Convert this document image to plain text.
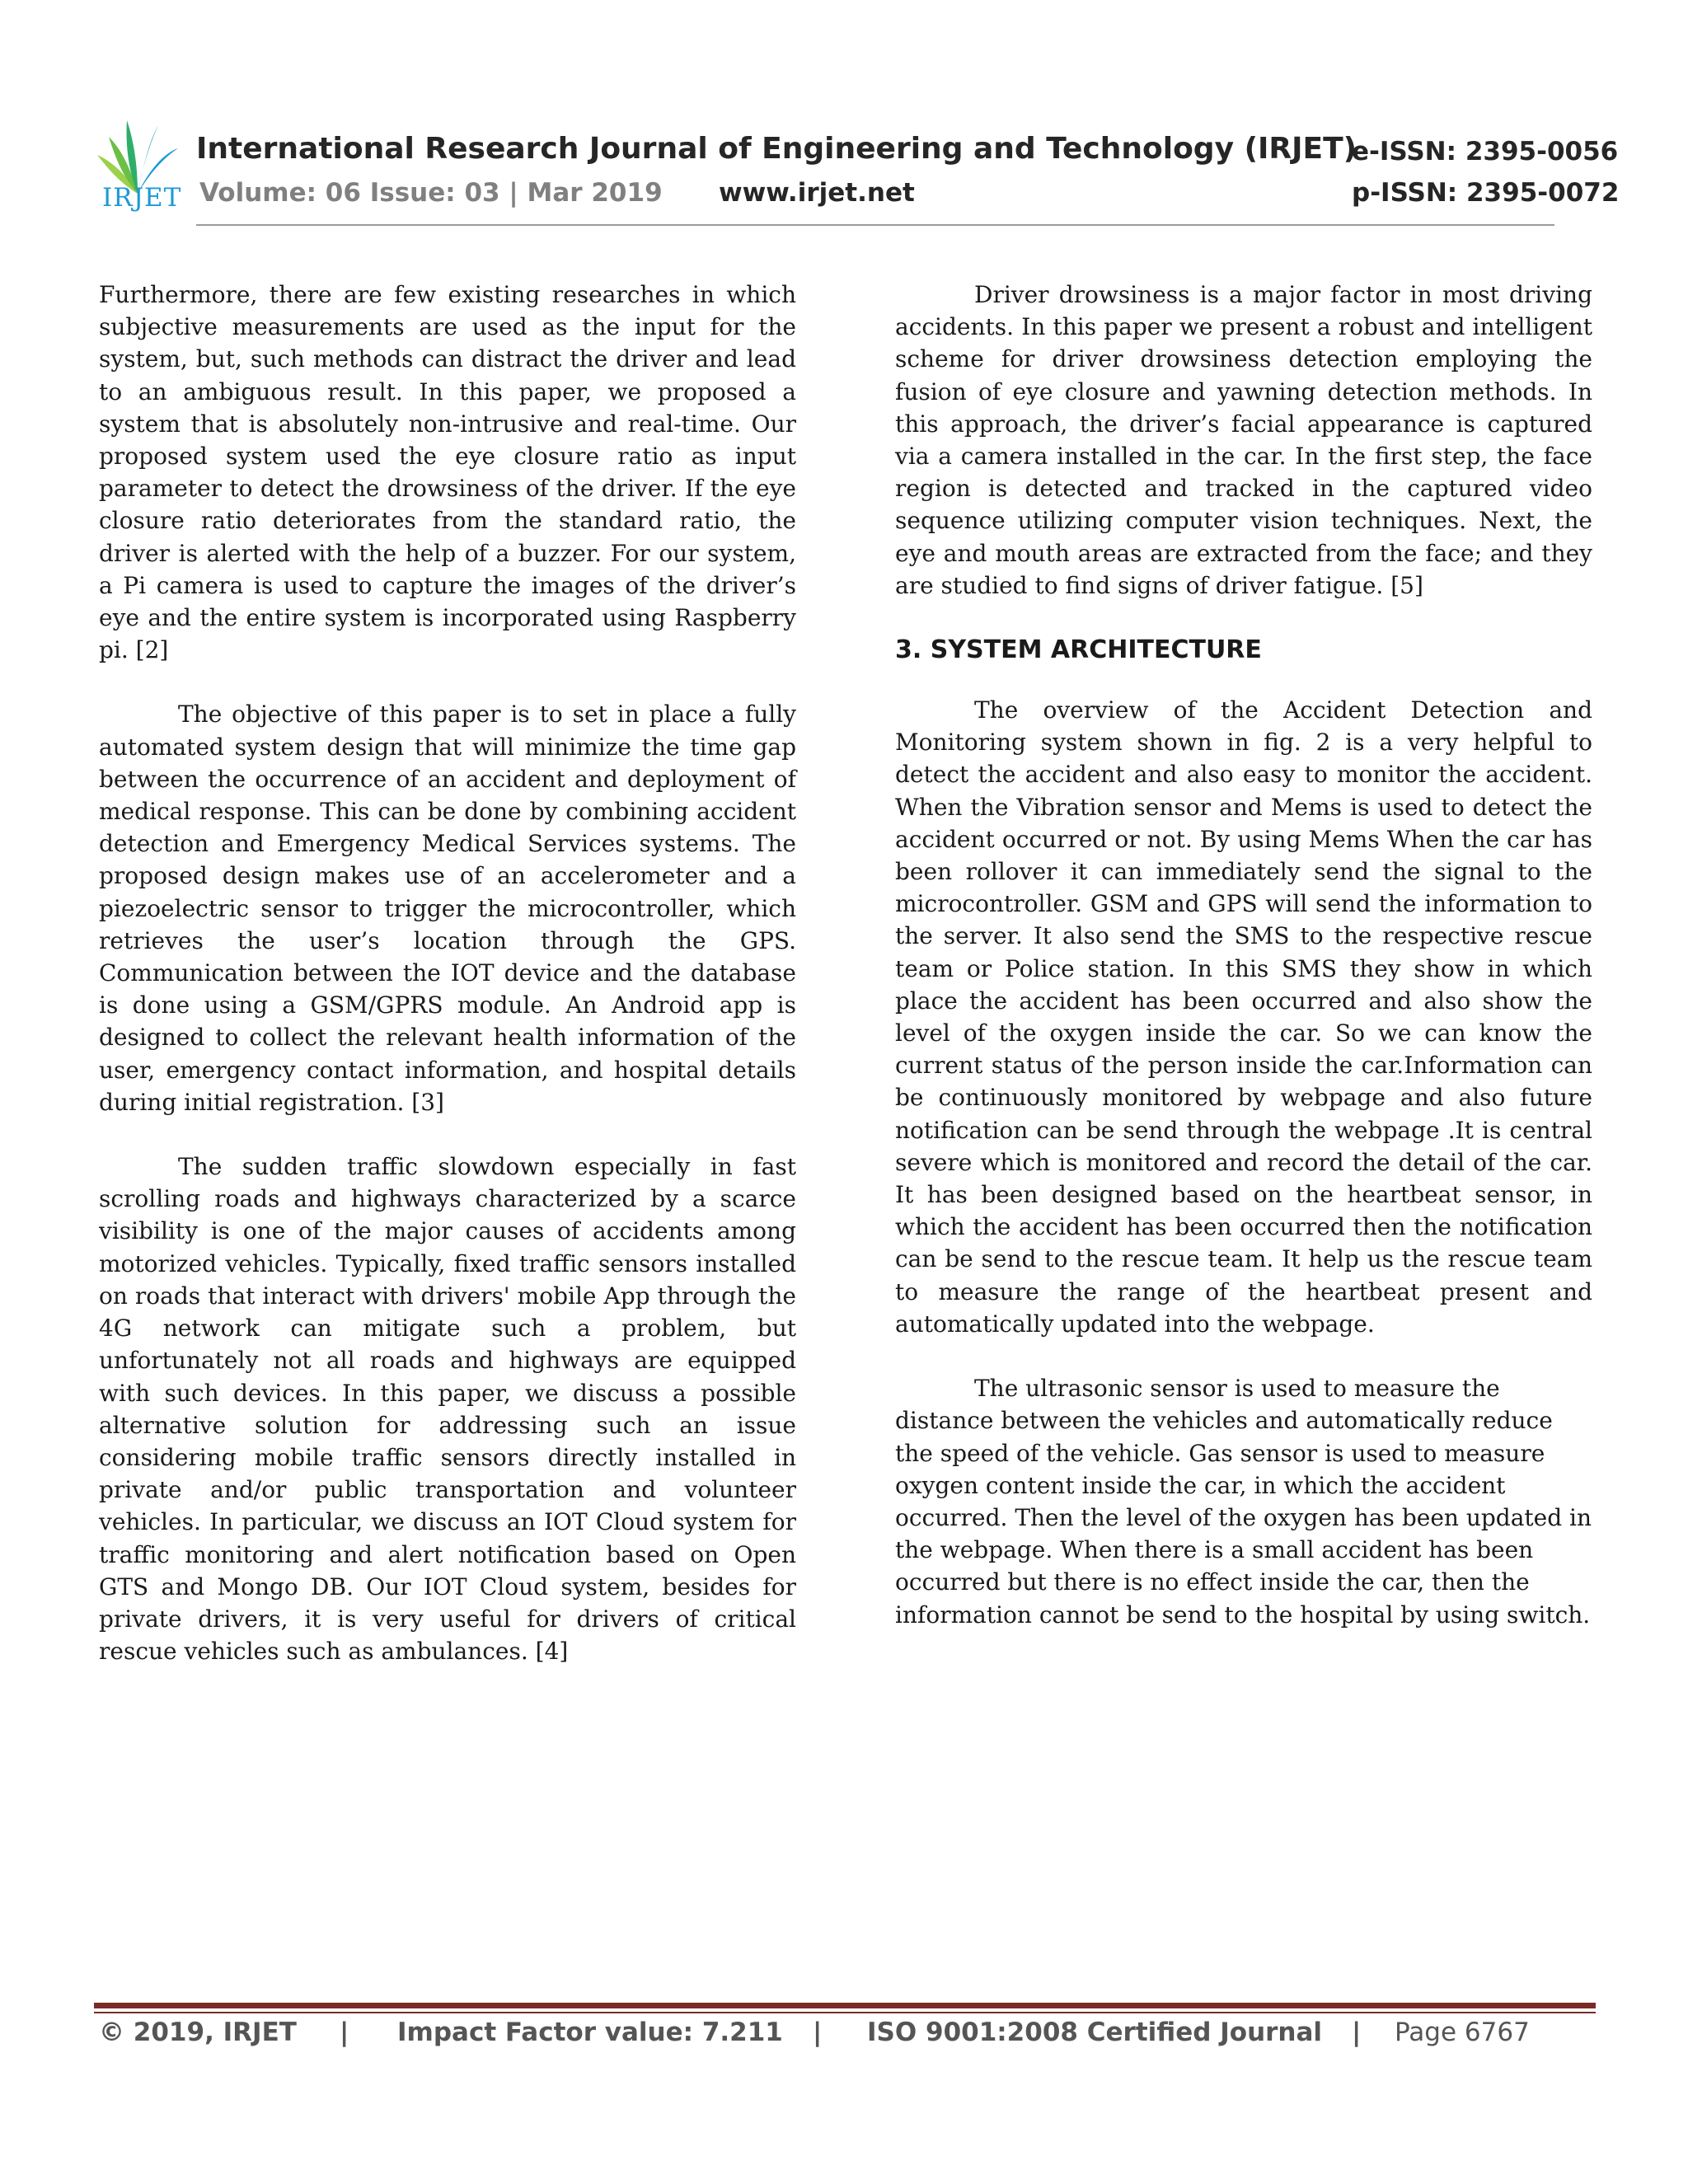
IRJET
International Research Journal of Engineering and Technology (IRJET)
e-ISSN: 2395-0056
Volume: 06 Issue: 03 | Mar 2019 www.irjet.net	p-ISSN: 2395-0072

Furthermore, there are few existing researches in which subjective measurements are used as the input for the system, but, such methods can distract the driver and lead to an ambiguous result. In this paper, we proposed a system that is absolutely non-intrusive and real-time. Our proposed system used the eye closure ratio as input parameter to detect the drowsiness of the driver. If the eye closure ratio deteriorates from the standard ratio, the driver is alerted with the help of a buzzer. For our system, a Pi camera is used to capture the images of the driver’s eye and the entire system is incorporated using Raspberry pi. [2]

The objective of this paper is to set in place a fully automated system design that will minimize the time gap between the occurrence of an accident and deployment of medical response. This can be done by combining accident detection and Emergency Medical Services systems. The proposed design makes use of an accelerometer and a piezoelectric sensor to trigger the microcontroller, which retrieves the user’s location through the GPS. Communication between the IOT device and the database is done using a GSM/GPRS module. An Android app is designed to collect the relevant health information of the user, emergency contact information, and hospital details during initial registration. [3]

The sudden traffic slowdown especially in fast scrolling roads and highways characterized by a scarce visibility is one of the major causes of accidents among motorized vehicles. Typically, fixed traffic sensors installed on roads that interact with drivers' mobile App through the 4G network can mitigate such a problem, but unfortunately not all roads and highways are equipped with such devices. In this paper, we discuss a possible alternative solution for addressing such an issue considering mobile traffic sensors directly installed in private and/or public transportation and volunteer vehicles. In particular, we discuss an IOT Cloud system for traffic monitoring and alert notification based on Open GTS and Mongo DB. Our IOT Cloud system, besides for private drivers, it is very useful for drivers of critical rescue vehicles such as ambulances. [4]

Driver drowsiness is a major factor in most driving accidents. In this paper we present a robust and intelligent scheme for driver drowsiness detection employing the fusion of eye closure and yawning detection methods. In this approach, the driver’s facial appearance is captured via a camera installed in the car. In the first step, the face region is detected and tracked in the captured video sequence utilizing computer vision techniques. Next, the eye and mouth areas are extracted from the face; and they are studied to find signs of driver fatigue. [5]

3. SYSTEM ARCHITECTURE

The overview of the Accident Detection and Monitoring system shown in fig. 2 is a very helpful to detect the accident and also easy to monitor the accident. When the Vibration sensor and Mems is used to detect the accident occurred or not. By using Mems When the car has been rollover it can immediately send the signal to the microcontroller. GSM and GPS will send the information to the server. It also send the SMS to the respective rescue team or Police station. In this SMS they show in which place the accident has been occurred and also show the level of the oxygen inside the car. So we can know the current status of the person inside the car.Information can be continuously monitored by webpage and also future notification can be send through the webpage .It is central severe which is monitored and record the detail of the car. It has been designed based on the heartbeat sensor, in which the accident has been occurred then the notification can be send to the rescue team. It help us the rescue team to measure the range of the heartbeat present and automatically updated into the webpage.

The ultrasonic sensor is used to measure the distance between the vehicles and automatically reduce the speed of the vehicle. Gas sensor is used to measure oxygen content inside the car, in which the accident occurred. Then the level of the oxygen has been updated in the webpage. When there is a small accident has been occurred but there is no effect inside the car, then the information cannot be send to the hospital by using switch.

© 2019, IRJET | Impact Factor value: 7.211 | ISO 9001:2008 Certified Journal | Page 6767
